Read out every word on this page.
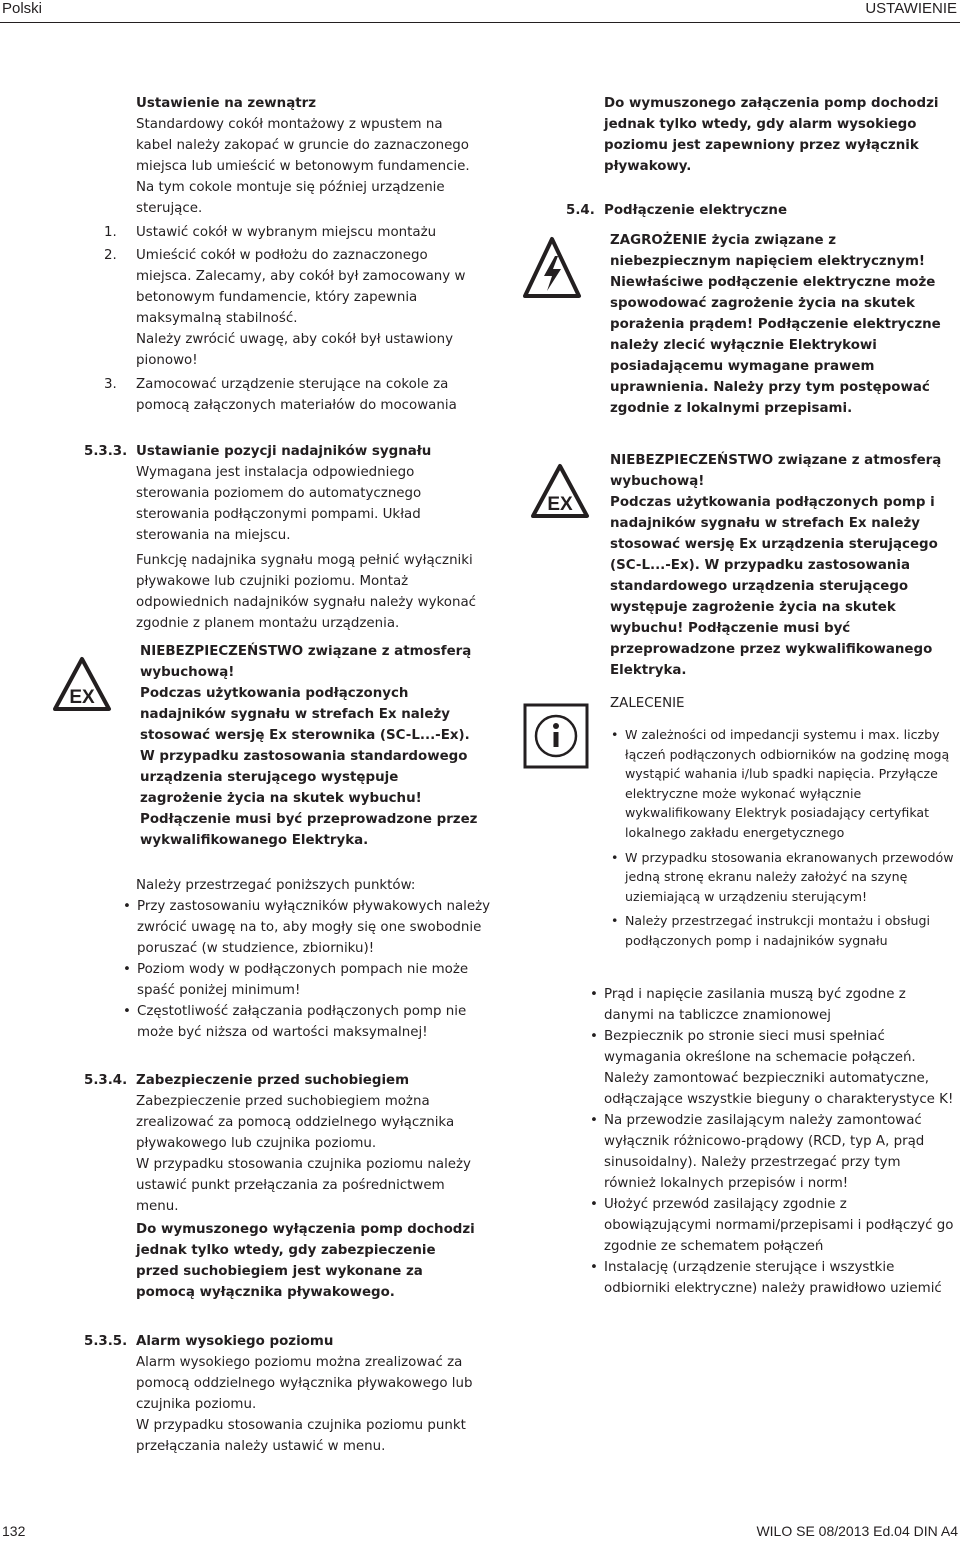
Polski	USTAWIENIE

Ustawienie na zewnątrz

Standardowy cokół montażowy z wpustem na kabel należy zakopać w gruncie do zaznaczonego miejsca lub umieścić w betonowym fundamencie. Na tym cokole montuje się później urządzenie sterujące.

1. Ustawić cokół w wybranym miejscu montażu
2. Umieścić cokół w podłożu do zaznaczonego miejsca. Zalecamy, aby cokół był zamocowany w betonowym fundamencie, który zapewnia maksymalną stabilność.

Należy zwrócić uwagę, aby cokół był ustawiony pionowo!

3. Zamocować urządzenie sterujące na cokole za pomocą załączonych materiałów do mocowania
5.3.3. Ustawianie pozycji nadajników sygnału

Wymagana jest instalacja odpowiedniego sterowania poziomem do automatycznego sterowania podłączonymi pompami. Układ sterowania na miejscu.

Funkcję nadajnika sygnału mogą pełnić wyłączniki pływakowe lub czujniki poziomu. Montaż odpowiednich nadajników sygnału należy wykonać zgodnie z planem montażu urządzenia.

EX

NIEBEZPIECZEŃSTWO związane z atmosferą wybuchową!

Podczas użytkowania podłączonych nadajników sygnału w strefach Ex należy stosować wersję Ex sterownika (SC-L...-Ex). W przypadku zastosowania standardowego urządzenia sterującego występuje zagrożenie życia na skutek wybuchu! Podłączenie musi być przeprowadzone przez wykwalifikowanego Elektryka.

Należy przestrzegać poniższych punktów:

• Przy zastosowaniu wyłączników pływakowych należy zwrócić uwagę na to, aby mogły się one swobodnie poruszać (w studzience, zbiorniku)!
• Poziom wody w podłączonych pompach nie może spaść poniżej minimum!
• Częstotliwość załączania podłączonych pomp nie może być niższa od wartości maksymalnej!
5.3.4. Zabezpieczenie przed suchobiegiem

Zabezpieczenie przed suchobiegiem można zrealizować za pomocą oddzielnego wyłącznika pływakowego lub czujnika poziomu.

W przypadku stosowania czujnika poziomu należy ustawić punkt przełączania za pośrednictwem menu.

Do wymuszonego wyłączenia pomp dochodzi jednak tylko wtedy, gdy zabezpieczenie przed suchobiegiem jest wykonane za pomocą wyłącznika pływakowego.

5.3.5. Alarm wysokiego poziomu

Alarm wysokiego poziomu można zrealizować za pomocą oddzielnego wyłącznika pływakowego lub czujnika poziomu.

W przypadku stosowania czujnika poziomu punkt przełączania należy ustawić w menu.

Do wymuszonego załączenia pomp dochodzi jednak tylko wtedy, gdy alarm wysokiego poziomu jest zapewniony przez wyłącznik pływakowy.
5.4. Podłączenie elektryczne

ZAGROŻENIE życia związane z niebezpiecznym napięciem elektrycznym!

Niewłaściwe podłączenie elektryczne może spowodować zagrożenie życia na skutek porażenia prądem! Podłączenie elektryczne należy zlecić wyłącznie Elektrykowi posiadającemu wymagane prawem uprawnienia. Należy przy tym postępować zgodnie z lokalnymi przepisami.

EX

NIEBEZPIECZEŃSTWO związane z atmosferą wybuchową!

Podczas użytkowania podłączonych pomp i nadajników sygnału w strefach Ex należy stosować wersję Ex urządzenia sterującego (SC-L...-Ex). W przypadku zastosowania standardowego urządzenia sterującego występuje zagrożenie życia na skutek wybuchu! Podłączenie musi być przeprowadzone przez wykwalifikowanego Elektryka.

ZALECENIE
• W zależności od impedancji systemu i max. liczby łączeń podłączonych odbiorników na godzinę mogą wystąpić wahania i/lub spadki napięcia. Przyłącze elektryczne może wykonać wyłącznie wykwalifikowany Elektryk posiadający certyfikat lokalnego zakładu energetycznego
• W przypadku stosowania ekranowanych przewodów jedną stronę ekranu należy założyć na szynę uziemiającą w urządzeniu sterującym!
• Należy przestrzegać instrukcji montażu i obsługi podłączonych pomp i nadajników sygnału
• Prąd i napięcie zasilania muszą być zgodne z danymi na tabliczce znamionowej
• Bezpiecznik po stronie sieci musi spełniać wymagania określone na schemacie połączeń. Należy zamontować bezpieczniki automatyczne, odłączające wszystkie bieguny o charakterystyce K!
• Na przewodzie zasilającym należy zamontować wyłącznik różnicowo-prądowy (RCD, typ A, prąd sinusoidalny). Należy przestrzegać przy tym również lokalnych przepisów i norm!
• Ułożyć przewód zasilający zgodnie z obowiązującymi normami/przepisami i podłączyć go zgodnie ze schematem połączeń
• Instalację (urządzenie sterujące i wszystkie odbiorniki elektryczne) należy prawidłowo uziemić
132	WILO SE 08/2013 Ed.04 DIN A4
